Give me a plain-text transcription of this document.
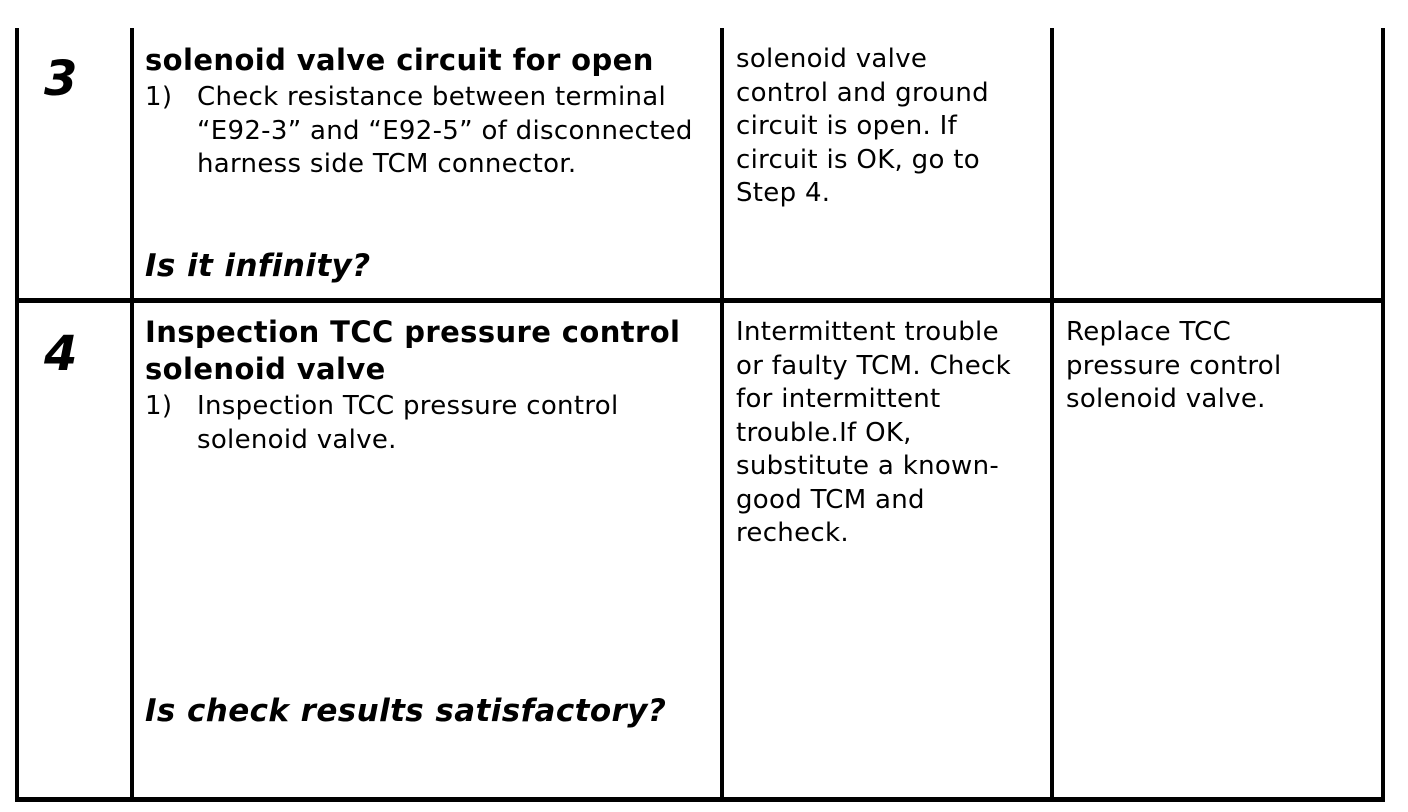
3 solenoid valve circuit for open
1) Check resistance between terminal “E92-3” and “E92-5” of disconnected harness side TCM connector.
Is it infinity?
solenoid valve
control and ground
circuit is open. If
circuit is OK, go to
Step 4.
4 Inspection TCC pressure control solenoid valve
1) Inspection TCC pressure control solenoid valve.
Is check results satisfactory?
Intermittent trouble
or faulty TCM. Check
for intermittent
trouble.If OK,
substitute a known-
good TCM and
recheck.
Replace TCC
pressure control
solenoid valve.
